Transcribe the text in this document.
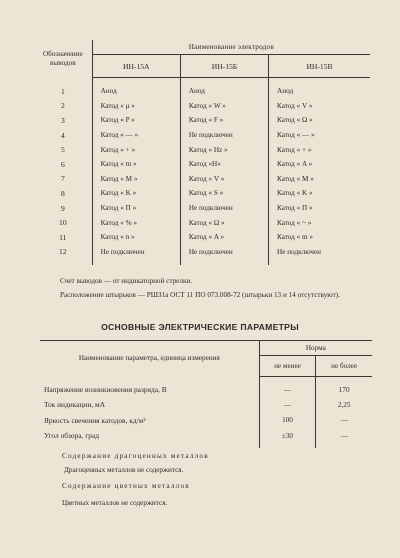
Обозначение выводов	Наименование электродов		
	ИН-15А	ИН-15Б	ИН-15В
1	Анод	Анод	Анод
2	Катод « μ »	Катод « W »	Катод « V »
3	Катод « P »	Катод « F »	Катод « Ω »
4	Катод « — »	Не подключен	Катод « — »
5	Катод « + »	Катод « Hz »	Катод « + »
6	Катод « m »	Катод «H»	Катод « A »
7	Катод « M »	Катод « V »	Катод « M »
8	Катод « K »	Катод « S »	Катод « K »
9	Катод « П »	Не подключен	Катод « П »
10	Катод « % »	Катод « Ω »	Катод « ~ »
11	Катод « n »	Катод « A »	Катод « m »
12	Не подключен	Не подключен	Не подключен
Счет выводов — от индикаторной стрелки.
Расположение штырьков — РШЗ1а ОСТ 11 ПО 073.008-72 (штырьки 13 и 14 отсутствуют).
ОСНОВНЫЕ ЭЛЕКТРИЧЕСКИЕ ПАРАМЕТРЫ
Наименование параметра, единица измерения	Норма	
	не менее	не более
Напряжение возникновения разряда, В	—	170
Ток индикации, мА	—	2,25
Яркость свечения катодов, кд/м²	100	—
Угол обзора, град	±30	—
Содержание драгоценных металлов
Драгоценных металлов не содержится.
Содержание цветных металлов
Цветных металлов не содержится.
